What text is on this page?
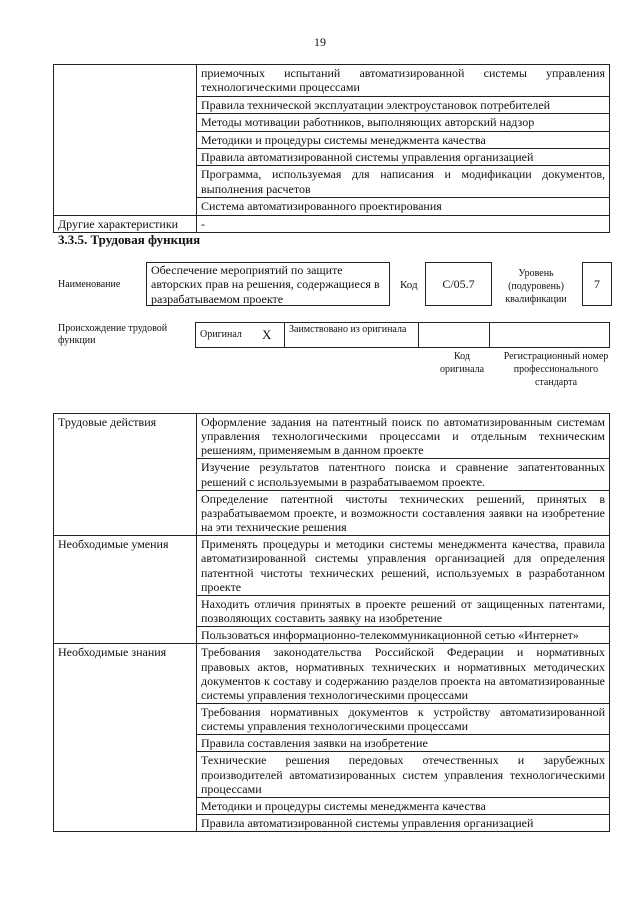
19
	приемочных испытаний автоматизированной системы управления технологическими процессами
	Правила технической эксплуатации электроустановок потребителей
	Методы мотивации работников, выполняющих авторский надзор
	Методики и процедуры системы менеджмента качества
	Правила автоматизированной системы управления организацией
	Программа, используемая для написания и модификации документов, выполнения расчетов
	Система автоматизированного проектирования
Другие характеристики	-
3.3.5. Трудовая функция
Наименование
Обеспечение мероприятий по защите авторских прав на решения, содержащиеся в разрабатываемом проекте
Код	С/05.7
Уровень (подуровень) квалификации
7
Происхождение трудовой функции
Оригинал	X	Заимствовано из оригинала		
Код оригинала
Регистрационный номер профессионального стандарта
Трудовые действия	Оформление задания на патентный поиск по автоматизированным системам управления технологическими процессами и отдельным техническим решениям, применяемым в данном проекте
	Изучение результатов патентного поиска и сравнение запатентованных решений с используемыми в разрабатываемом проекте.
	Определение патентной чистоты технических решений, принятых в разрабатываемом проекте, и возможности составления заявки на изобретение на эти технические решения
Необходимые умения	Применять процедуры и методики системы менеджмента качества, правила автоматизированной системы управления организацией для определения патентной чистоты технических решений, используемых в разработанном проекте
	Находить отличия принятых в проекте решений от защищенных патентами, позволяющих составить заявку на изобретение
	Пользоваться информационно-телекоммуникационной сетью «Интернет»
Необходимые знания	Требования законодательства Российской Федерации и нормативных правовых актов, нормативных технических и нормативных методических документов к составу и содержанию разделов проекта на автоматизированные системы управления технологическими процессами
	Требования нормативных документов к устройству автоматизированной системы управления технологическими процессами
	Правила составления заявки на изобретение
	Технические решения передовых отечественных и зарубежных производителей автоматизированных систем управления технологическими процессами
	Методики и процедуры системы менеджмента качества
	Правила автоматизированной системы управления организацией
